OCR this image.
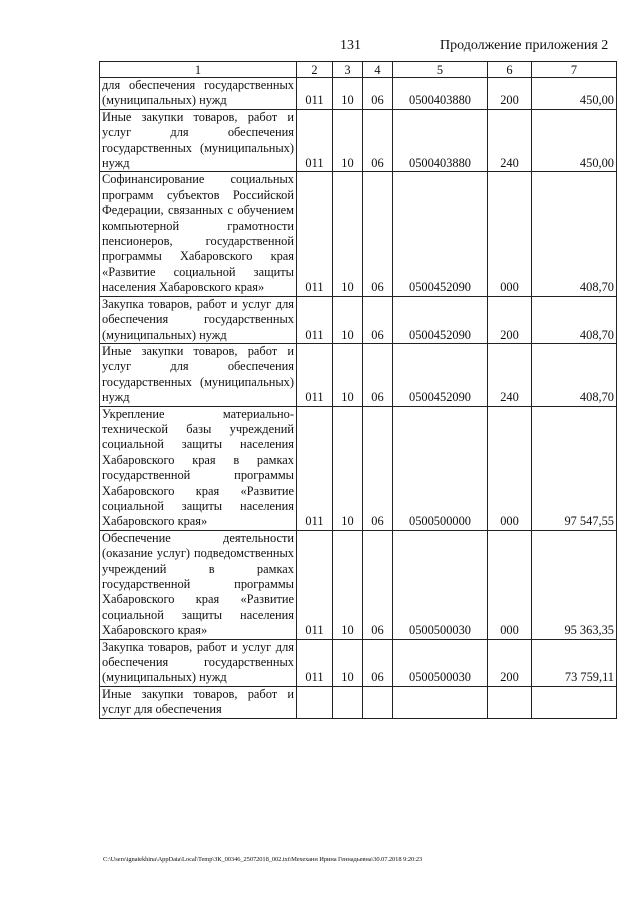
131	Продолжение приложения 2
1	2	3	4	5	6	7
для обеспечения государственных (муниципальных) нужд	011	10	06	0500403880	200	450,00
Иные закупки товаров, работ и услуг для обеспечения государственных (муниципальных) нужд	011	10	06	0500403880	240	450,00
Софинансирование социальных программ субъектов Российской Федерации, связанных с обучением компьютерной грамотности пенсионеров, государственной программы Хабаровского края «Развитие социальной защиты населения Хабаровского края»	011	10	06	0500452090	000	408,70
Закупка товаров, работ и услуг для обеспечения государственных (муниципальных) нужд	011	10	06	0500452090	200	408,70
Иные закупки товаров, работ и услуг для обеспечения государственных (муниципальных) нужд	011	10	06	0500452090	240	408,70
Укрепление материально-технической базы учреждений социальной защиты населения Хабаровского края в рамках государственной программы Хабаровского края «Развитие социальной защиты населения Хабаровского края»	011	10	06	0500500000	000	97 547,55
Обеспечение деятельности (оказание услуг) подведомственных учреждений в рамках государственной программы Хабаровского края «Развитие социальной защиты населения Хабаровского края»	011	10	06	0500500030	000	95 363,35
Закупка товаров, работ и услуг для обеспечения государственных (муниципальных) нужд	011	10	06	0500500030	200	73 759,11
Иные закупки товаров, работ и услуг для обеспечения						
C:\Users\ignatekhina\AppData\Local\Temp\ЗК_00346_25072018_002.txt\Мехеханн Ирина Геннадьевна\30.07.2018 9:20:23
